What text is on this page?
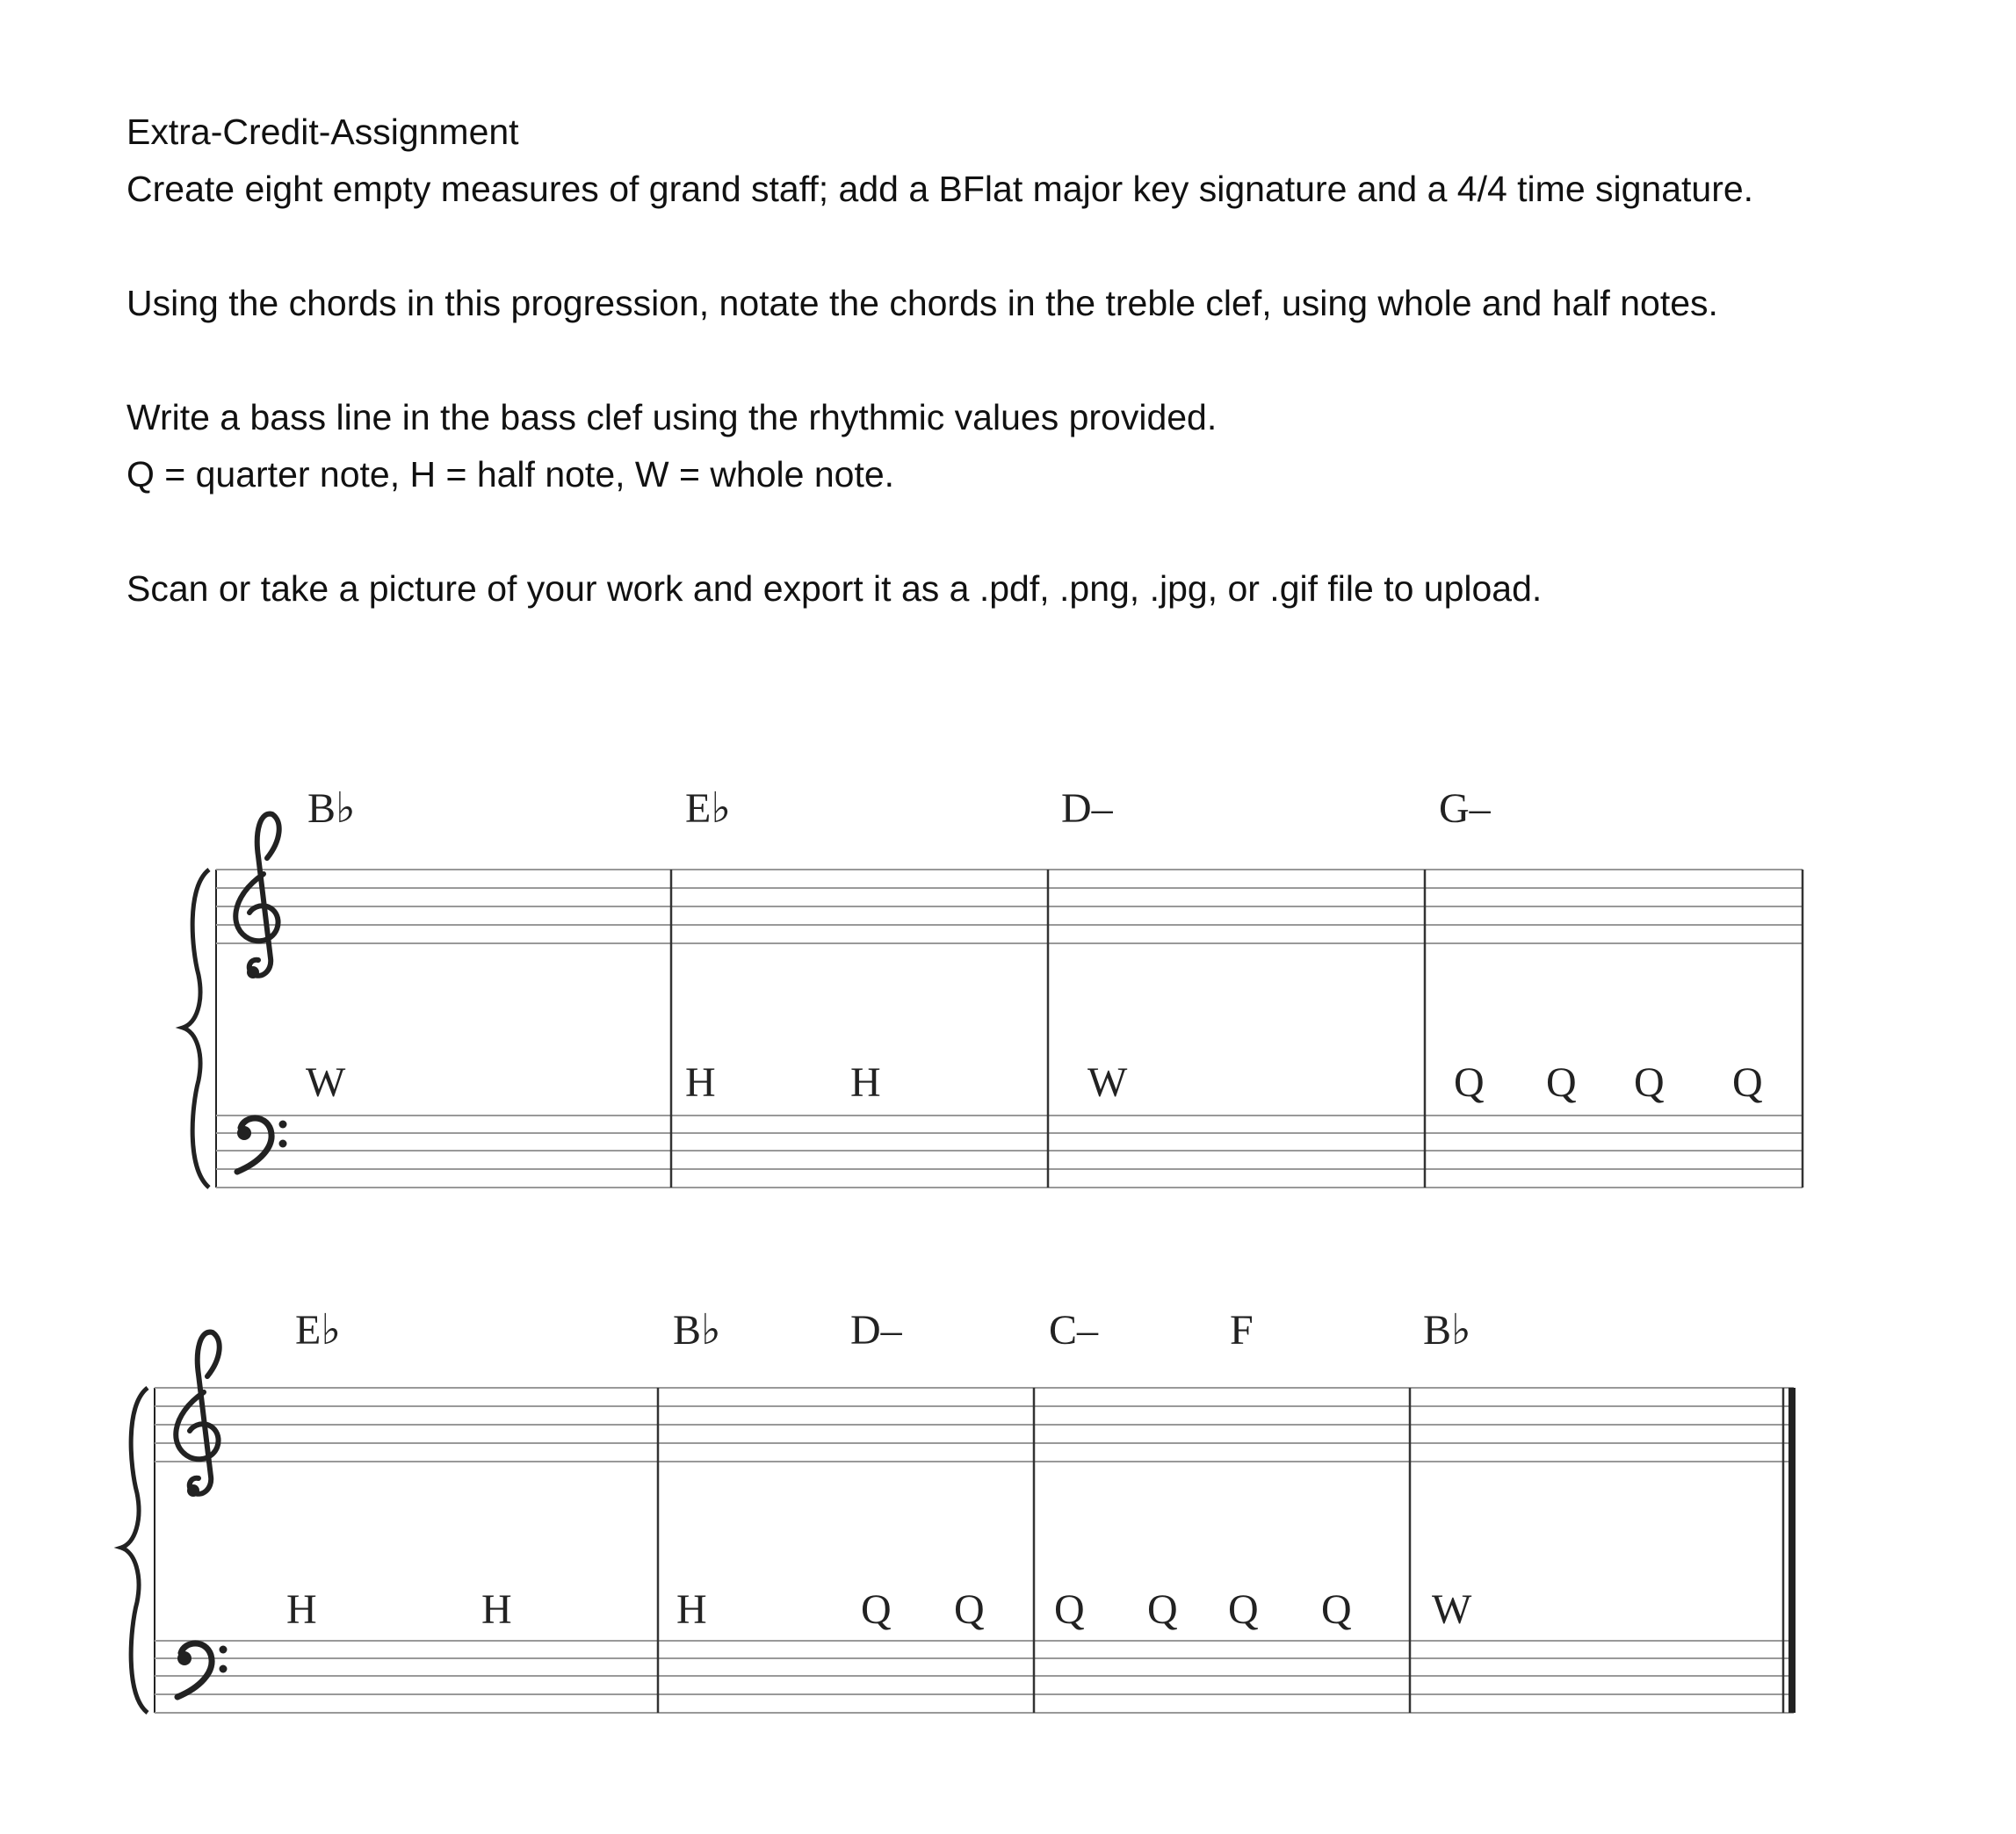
Extra-Credit-Assignment

Create eight empty measures of grand staff; add a BFlat major key signature and a 4/4 time signature.

Using the chords in this progression, notate the chords in the treble clef, using whole and half notes.

Write a bass line in the bass clef using the rhythmic values provided.

Q = quarter note, H = half note, W = whole note.

Scan or take a picture of your work and export it as a .pdf, .png, .jpg, or .gif file to upload.

B♭	E♭	D–	G–
W	H	H	W	Q Q Q Q
E♭	B♭	D–	C–	F	B♭
H	H	H	Q Q Q Q Q Q W
